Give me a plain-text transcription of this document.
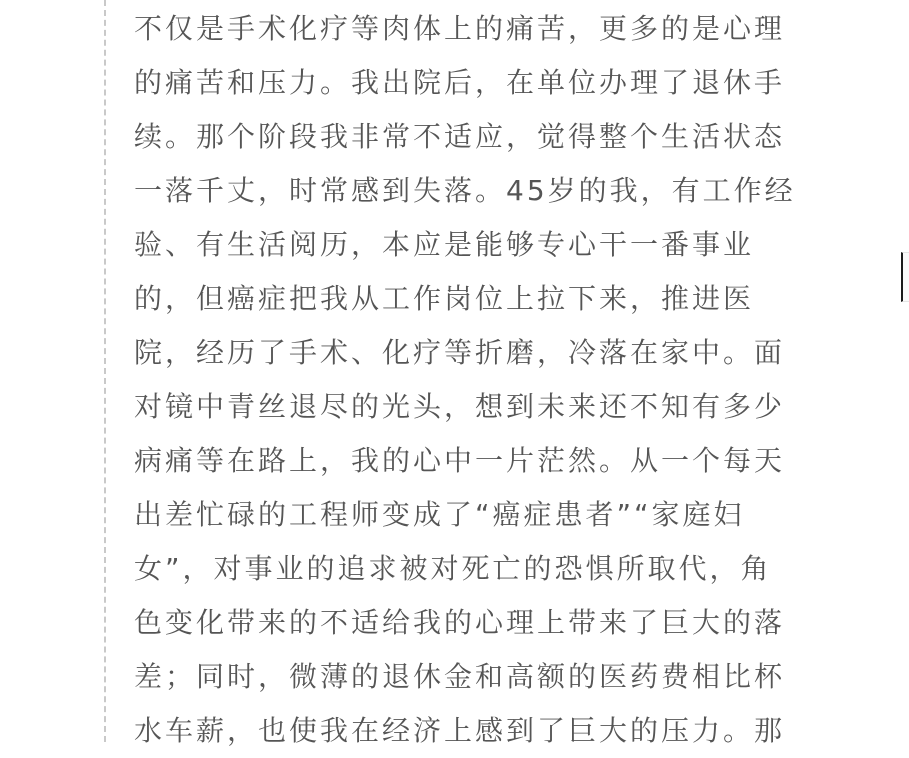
不仅是手术化疗等肉体上的痛苦，更多的是心理
的痛苦和压力。我出院后，在单位办理了退休手
续。那个阶段我非常不适应，觉得整个生活状态
一落千丈，时常感到失落。45岁的我，有工作经
验、有生活阅历，本应是能够专心干一番事业
的，但癌症把我从工作岗位上拉下来，推进医
院，经历了手术、化疗等折磨，冷落在家中。面
对镜中青丝退尽的光头，想到未来还不知有多少
病痛等在路上，我的心中一片茫然。从一个每天
出差忙碌的工程师变成了“癌症患者”“家庭妇
女”，对事业的追求被对死亡的恐惧所取代，角
色变化带来的不适给我的心理上带来了巨大的落
差；同时，微薄的退休金和高额的医药费相比杯
水车薪，也使我在经济上感到了巨大的压力。那
